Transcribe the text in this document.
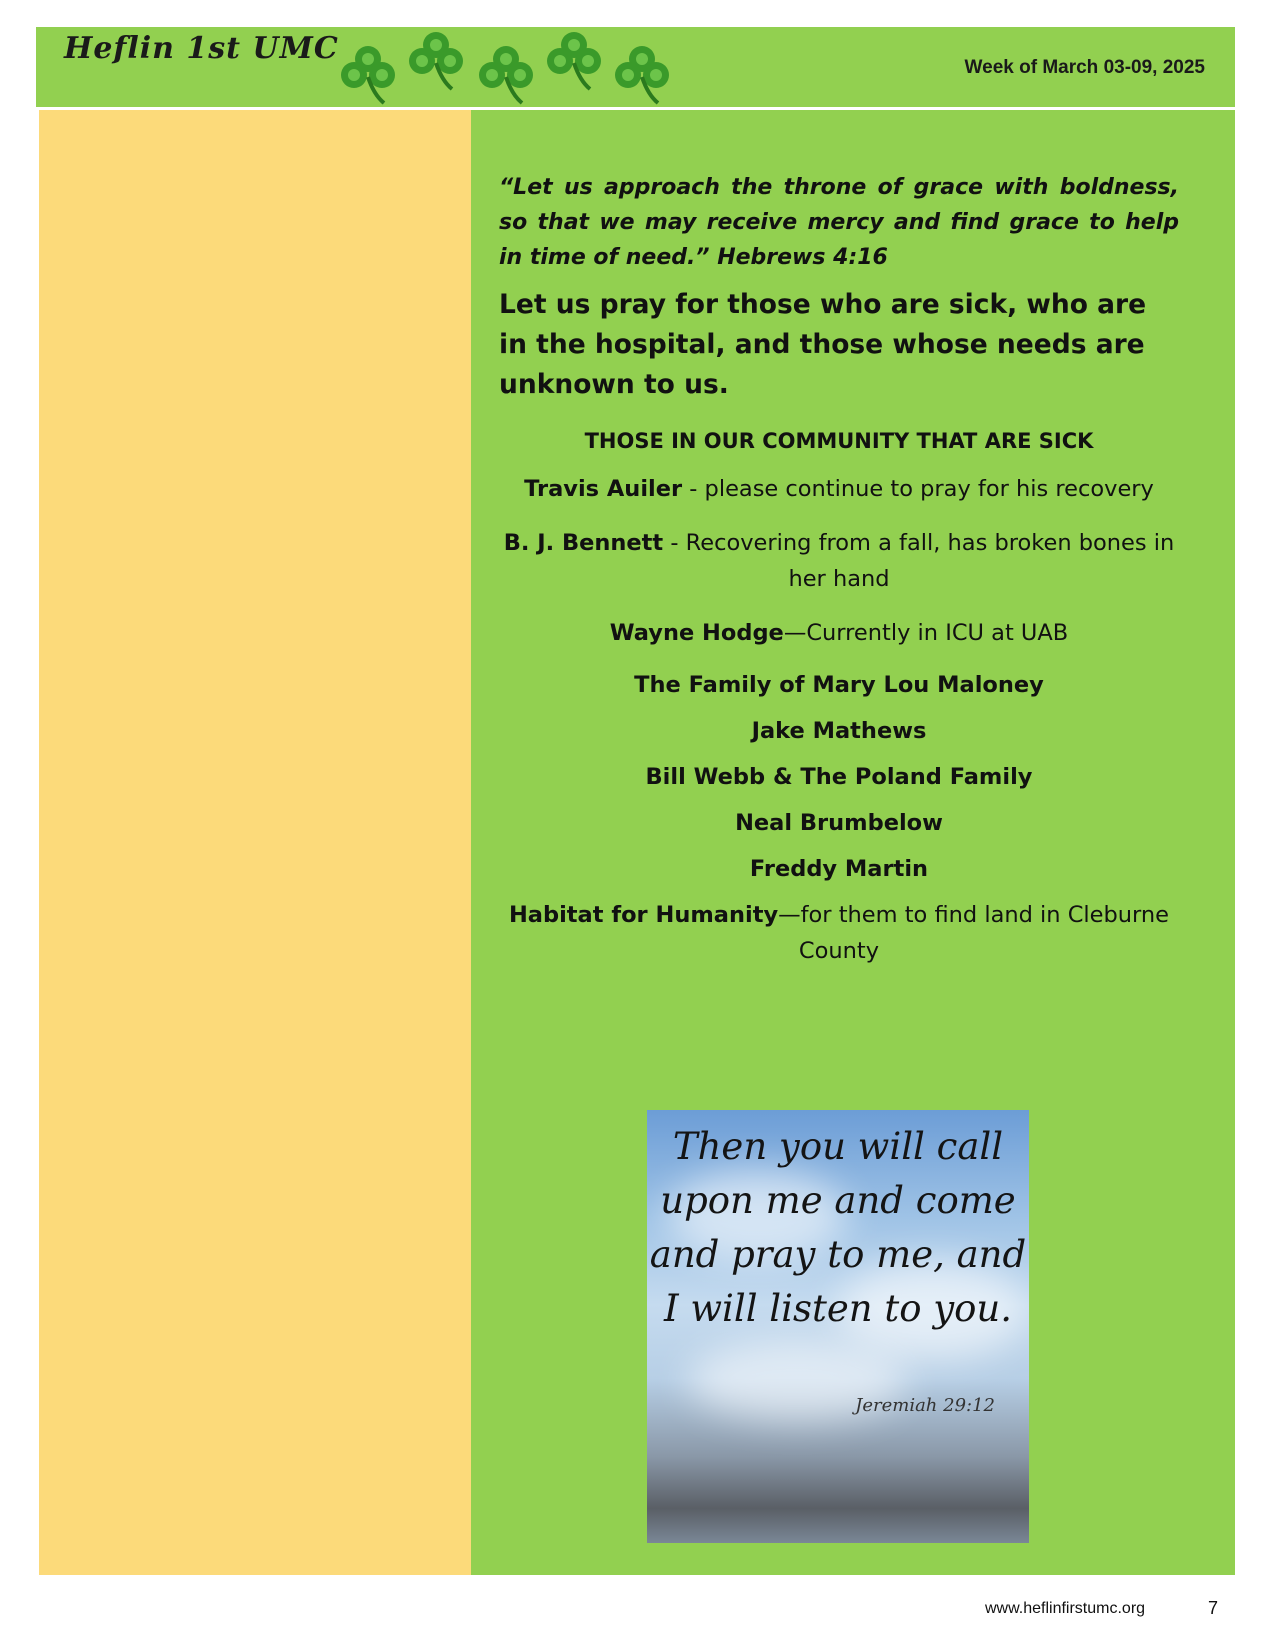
Heflin 1st UMC
Week of March 03-09, 2025

“Let us approach the throne of grace with boldness, so that we may receive mercy and find grace to help in time of need.” Hebrews 4:16

Let us pray for those who are sick, who are in the hospital, and those whose needs are unknown to us.

THOSE IN OUR COMMUNITY THAT ARE SICK

Travis Auiler - please continue to pray for his recovery

B. J. Bennett - Recovering from a fall, has broken bones in her hand

Wayne Hodge—Currently in ICU at UAB

The Family of Mary Lou Maloney

Jake Mathews

Bill Webb & The Poland Family

Neal Brumbelow

Freddy Martin

Habitat for Humanity—for them to find land in Cleburne County

Then you will call upon me and come and pray to me, and I will listen to you.
Jeremiah 29:12
www.heflinfirstumc.org	7
